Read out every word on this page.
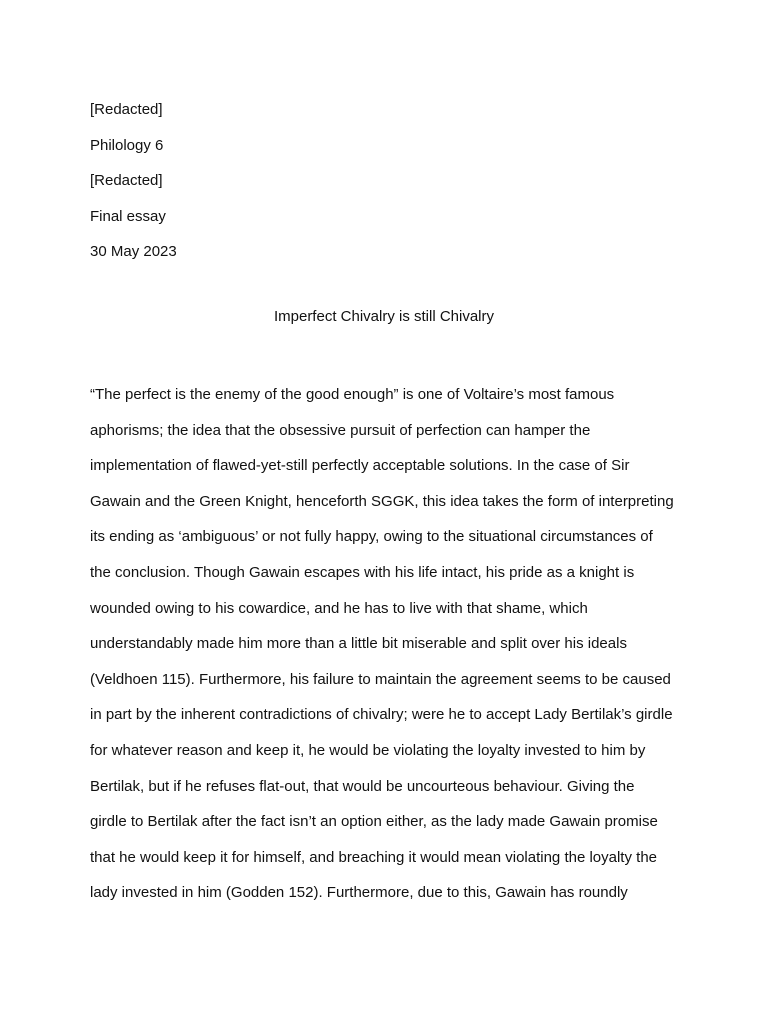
[Redacted]
Philology 6
[Redacted]
Final essay
30 May 2023
Imperfect Chivalry is still Chivalry
“The perfect is the enemy of the good enough” is one of Voltaire’s most famous
aphorisms; the idea that the obsessive pursuit of perfection can hamper the
implementation of flawed-yet-still perfectly acceptable solutions. In the case of Sir
Gawain and the Green Knight, henceforth SGGK, this idea takes the form of interpreting
its ending as ‘ambiguous’ or not fully happy, owing to the situational circumstances of
the conclusion. Though Gawain escapes with his life intact, his pride as a knight is
wounded owing to his cowardice, and he has to live with that shame, which
understandably made him more than a little bit miserable and split over his ideals
(Veldhoen 115). Furthermore, his failure to maintain the agreement seems to be caused
in part by the inherent contradictions of chivalry; were he to accept Lady Bertilak’s girdle
for whatever reason and keep it, he would be violating the loyalty invested to him by
Bertilak, but if he refuses flat-out, that would be uncourteous behaviour. Giving the
girdle to Bertilak after the fact isn’t an option either, as the lady made Gawain promise
that he would keep it for himself, and breaching it would mean violating the loyalty the
lady invested in him (Godden 152). Furthermore, due to this, Gawain has roundly
